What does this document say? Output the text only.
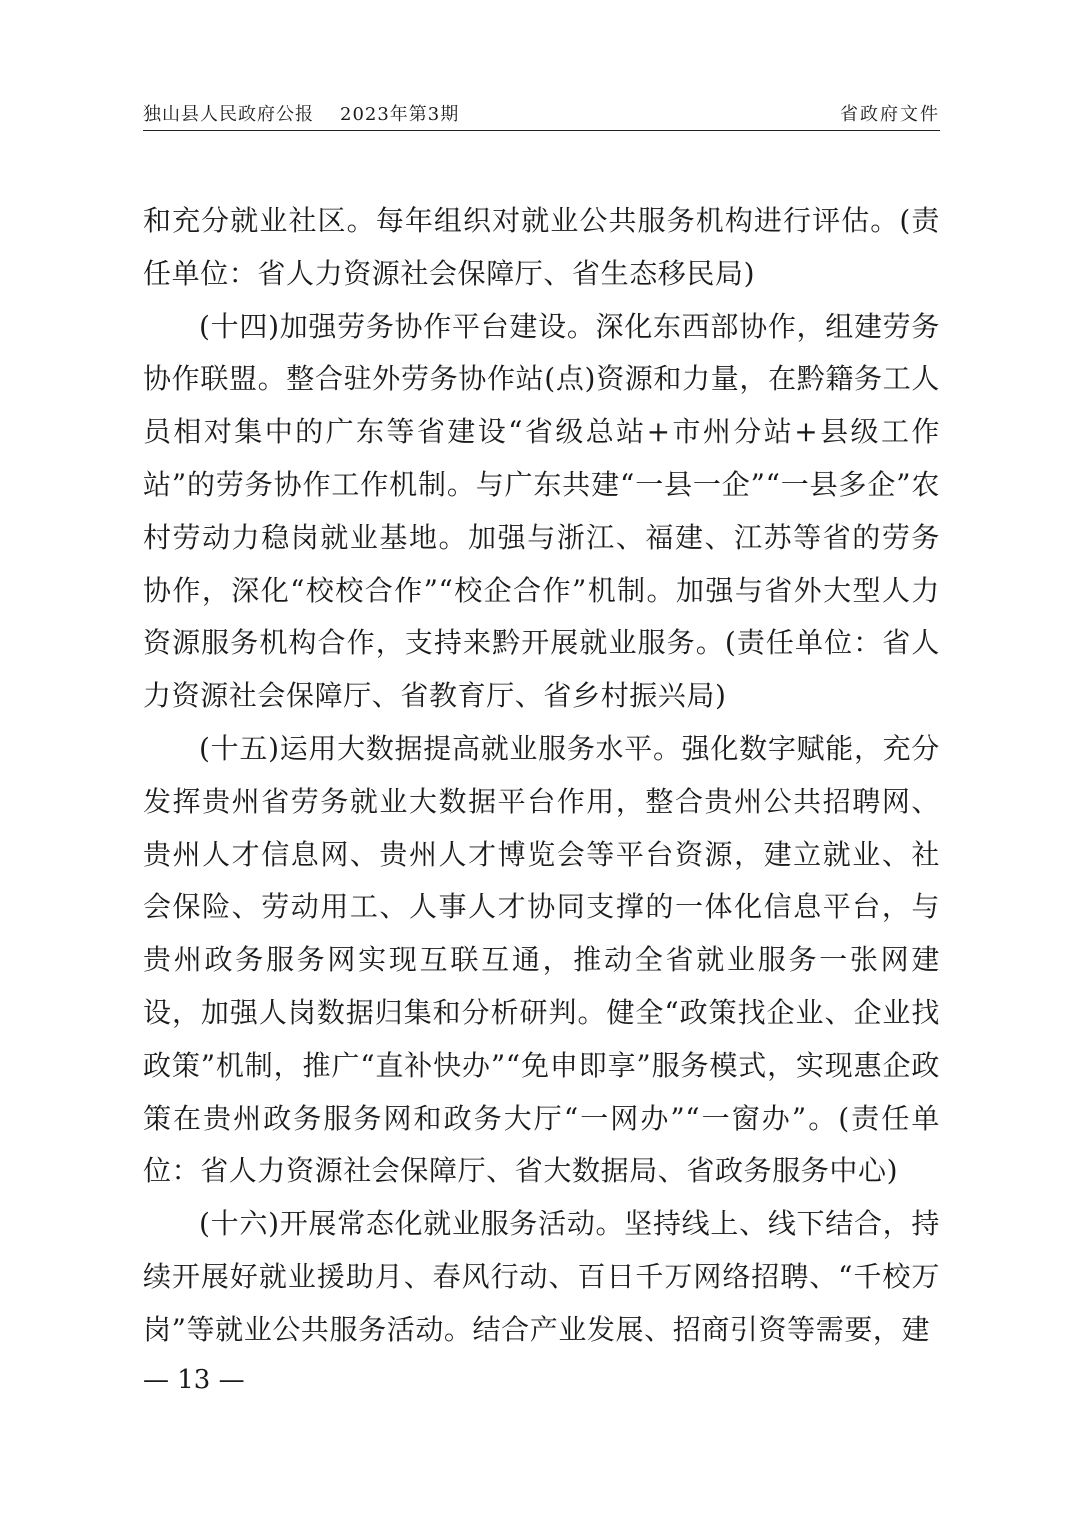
独山县人民政府公报 2023年第3期	省政府文件

和充分就业社区。每年组织对就业公共服务机构进行评估。(责任单位：省人力资源社会保障厅、省生态移民局)

(十四)加强劳务协作平台建设。深化东西部协作，组建劳务协作联盟。整合驻外劳务协作站(点)资源和力量，在黔籍务工人员相对集中的广东等省建设“省级总站+市州分站+县级工作站”的劳务协作工作机制。与广东共建“一县一企”“一县多企”农村劳动力稳岗就业基地。加强与浙江、福建、江苏等省的劳务协作，深化“校校合作”“校企合作”机制。加强与省外大型人力资源服务机构合作，支持来黔开展就业服务。(责任单位：省人力资源社会保障厅、省教育厅、省乡村振兴局)

(十五)运用大数据提高就业服务水平。强化数字赋能，充分发挥贵州省劳务就业大数据平台作用，整合贵州公共招聘网、贵州人才信息网、贵州人才博览会等平台资源，建立就业、社会保险、劳动用工、人事人才协同支撑的一体化信息平台，与贵州政务服务网实现互联互通，推动全省就业服务一张网建设，加强人岗数据归集和分析研判。健全“政策找企业、企业找政策”机制，推广“直补快办”“免申即享”服务模式，实现惠企政策在贵州政务服务网和政务大厅“一网办”“一窗办”。(责任单位：省人力资源社会保障厅、省大数据局、省政务服务中心)

(十六)开展常态化就业服务活动。坚持线上、线下结合，持续开展好就业援助月、春风行动、百日千万网络招聘、“千校万岗”等就业公共服务活动。结合产业发展、招商引资等需要，建

— 13 —
